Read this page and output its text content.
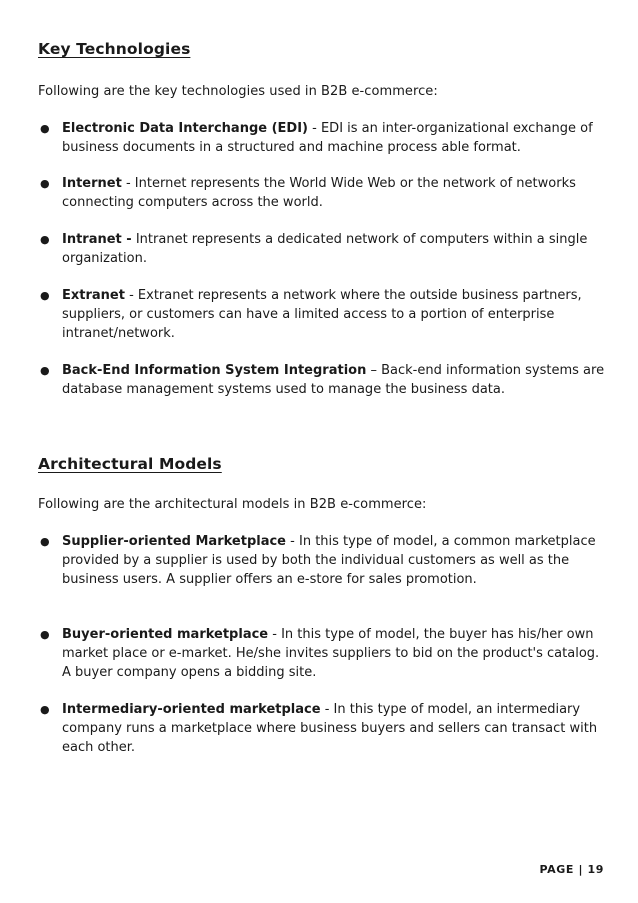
Key Technologies

Following are the key technologies used in B2B e-commerce:

● Electronic Data Interchange (EDI) - EDI is an inter-organizational exchange of business documents in a structured and machine process able format.
● Internet - Internet represents the World Wide Web or the network of networks connecting computers across the world.
● Intranet - Intranet represents a dedicated network of computers within a single organization.
● Extranet - Extranet represents a network where the outside business partners, suppliers, or customers can have a limited access to a portion of enterprise intranet/network.
● Back-End Information System Integration – Back-end information systems are database management systems used to manage the business data.
Architectural Models

Following are the architectural models in B2B e-commerce:

● Supplier-oriented Marketplace - In this type of model, a common marketplace provided by a supplier is used by both the individual customers as well as the business users. A supplier offers an e-store for sales promotion.
● Buyer-oriented marketplace - In this type of model, the buyer has his/her own market place or e-market. He/she invites suppliers to bid on the product's catalog. A buyer company opens a bidding site.
● Intermediary-oriented marketplace - In this type of model, an intermediary company runs a marketplace where business buyers and sellers can transact with each other.
PAGE | 19
